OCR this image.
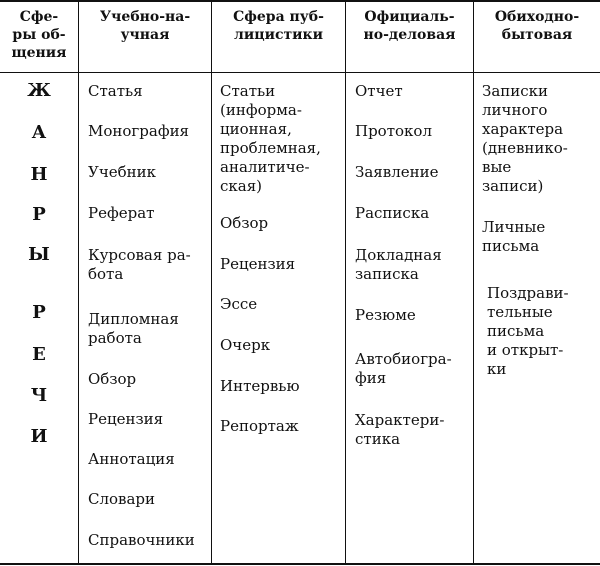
Сфе-
ры об-
щения
Учебно-на-
учная
Сфера пуб-
лицистики
Официаль-
но-деловая
Обиходно-
бытовая
Ж
А
Н
Р
Ы
Р
Е
Ч
И
Статья
Монография
Учебник
Реферат
Курсовая ра-
бота
Дипломная
работа
Обзор
Рецензия
Аннотация
Словари
Справочники
Статьи
(информа-
ционная,
проблемная,
аналитиче-
ская)
Обзор
Рецензия
Эссе
Очерк
Интервью
Репортаж
Отчет
Протокол
Заявление
Расписка
Докладная
записка
Резюме
Автобиогра-
фия
Характери-
стика
Записки
личного
характера
(дневнико-
вые
записи)
Личные
письма
Поздрави-
тельные
письма
и открыт-
ки
